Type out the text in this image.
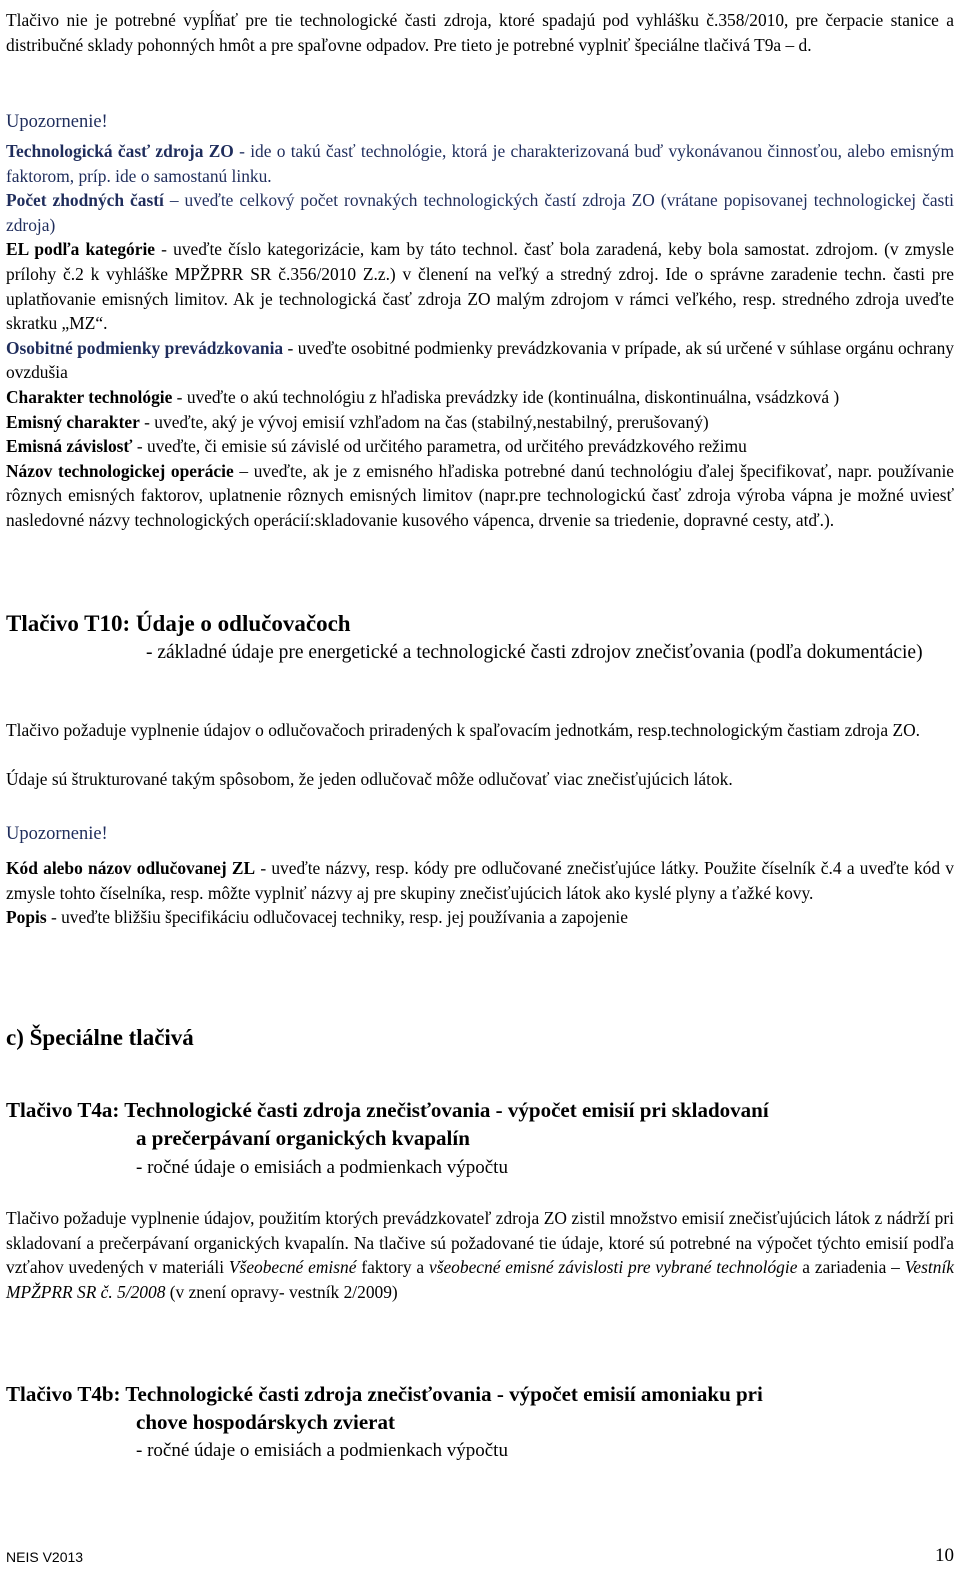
Tlačivo nie je potrebné vypĺňať pre tie technologické časti zdroja, ktoré spadajú pod vyhlášku č.358/2010, pre čerpacie stanice a distribučné sklady pohonných hmôt a pre spaľovne odpadov. Pre tieto je potrebné vyplniť špeciálne tlačivá T9a – d.

Upozornenie!

Technologická časť zdroja ZO - ide o takú časť technológie, ktorá je charakterizovaná buď vykonávanou činnosťou, alebo emisným faktorom, príp. ide o samostanú linku.
Počet zhodných častí – uveďte celkový počet rovnakých technologických častí zdroja ZO (vrátane popisovanej technologickej časti zdroja)
EL podľa kategórie - uveďte číslo kategorizácie, kam by táto technol. časť bola zaradená, keby bola samostat. zdrojom. (v zmysle prílohy č.2 k vyhláške MPŽPRR SR č.356/2010 Z.z.) v členení na veľký a stredný zdroj. Ide o správne zaradenie techn. časti pre uplatňovanie emisných limitov. Ak je technologická časť zdroja ZO malým zdrojom v rámci veľkého, resp. stredného zdroja uveďte skratku „MZ“.
Osobitné podmienky prevádzkovania - uveďte osobitné podmienky prevádzkovania v prípade, ak sú určené v súhlase orgánu ochrany ovzdušia
Charakter technológie - uveďte o akú technológiu z hľadiska prevádzky ide (kontinuálna, diskontinuálna, vsádzková )
Emisný charakter - uveďte, aký je vývoj emisií vzhľadom na čas (stabilný,nestabilný, prerušovaný)
Emisná závislosť - uveďte, či emisie sú závislé od určitého parametra, od určitého prevádzkového režimu
Názov technologickej operácie – uveďte, ak je z emisného hľadiska potrebné danú technológiu ďalej špecifikovať, napr. používanie rôznych emisných faktorov, uplatnenie rôznych emisných limitov (napr.pre technologickú časť zdroja výroba vápna je možné uviesť nasledovné názvy technologických operácií:skladovanie kusového vápenca, drvenie sa triedenie, dopravné cesty, atď.).

Tlačivo T10: Údaje o odlučovačoch

- základné údaje pre energetické a technologické časti zdrojov znečisťovania (podľa dokumentácie)

Tlačivo požaduje vyplnenie údajov o odlučovačoch priradených k spaľovacím jednotkám, resp.technologickým častiam zdroja ZO.

Údaje sú štrukturované takým spôsobom, že jeden odlučovač môže odlučovať viac znečisťujúcich látok.

Upozornenie!

Kód alebo názov odlučovanej ZL - uveďte názvy, resp. kódy pre odlučované znečisťujúce látky. Použite číselník č.4 a uveďte kód v zmysle tohto číselníka, resp. môžte vyplniť názvy aj pre skupiny znečisťujúcich látok ako kyslé plyny a ťažké kovy.
Popis - uveďte bližšiu špecifikáciu odlučovacej techniky, resp. jej používania a zapojenie

c) Špeciálne tlačivá

Tlačivo T4a: Technologické časti zdroja znečisťovania - výpočet emisií pri skladovaní
a prečerpávaní organických kvapalín

- ročné údaje o emisiách a podmienkach výpočtu

Tlačivo požaduje vyplnenie údajov, použitím ktorých prevádzkovateľ zdroja ZO zistil množstvo emisií znečisťujúcich látok z nádrží pri skladovaní a prečerpávaní organických kvapalín. Na tlačive sú požadované tie údaje, ktoré sú potrebné na výpočet týchto emisií podľa vzťahov uvedených v materiáli Všeobecné emisné faktory a všeobecné emisné závislosti pre vybrané technológie a zariadenia – Vestník MPŽPRR SR č. 5/2008 (v znení opravy- vestník 2/2009)

Tlačivo T4b: Technologické časti zdroja znečisťovania - výpočet emisií amoniaku pri
chove hospodárskych zvierat

- ročné údaje o emisiách a podmienkach výpočtu

NEIS V2013	10
